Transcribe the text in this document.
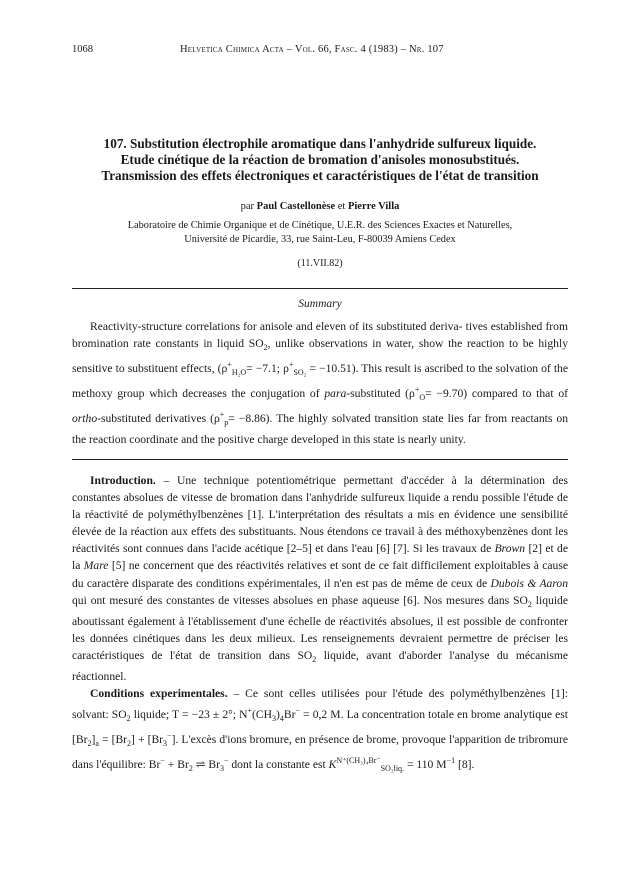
1068	Helvetica Chimica Acta – Vol. 66, Fasc. 4 (1983) – Nr. 107
107. Substitution électrophile aromatique dans l'anhydride sulfureux liquide.
Etude cinétique de la réaction de bromation d'anisoles monosubstitués.
Transmission des effets électroniques et caractéristiques de l'état de transition
par Paul Castellonèse et Pierre Villa
Laboratoire de Chimie Organique et de Cinétique, U.E.R. des Sciences Exactes et Naturelles,
Université de Picardie, 33, rue Saint-Leu, F-80039 Amiens Cedex
(11.VII.82)
Summary

Reactivity-structure correlations for anisole and eleven of its substituted deriva- tives established from bromination rate constants in liquid $SO_2$, unlike observations in water, show the reaction to be highly sensitive to substituent effects, ($\rho^+_{H_2O}= -7.1$; $\rho^+_{SO_2} = -10.51$). This result is ascribed to the solvation of the methoxy group which decreases the conjugation of para-substituted $(\rho^+_O= -9.70)$ compared to that of ortho-substituted derivatives $(\rho^+_p= -8.86)$. The highly solvated transition state lies far from reactants on the reaction coordinate and the positive charge developed in this state is nearly unity.

Introduction. – Une technique potentiométrique permettant d'accéder à la détermination des constantes absolues de vitesse de bromation dans l'anhydride sulfureux liquide a rendu possible l'étude de la réactivité de polyméthylbenzènes [1]. L'interprétation des résultats a mis en évidence une sensibilité élevée de la réaction aux effets des substituants. Nous étendons ce travail à des méthoxybenzènes dont les réactivités sont connues dans l'acide acétique [2–5] et dans l'eau [6] [7]. Si les travaux de Brown [2] et de la Mare [5] ne concernent que des réactivités relatives et sont de ce fait difficilement exploitables à cause du caractère disparate des conditions expérimentales, il n'en est pas de même de ceux de Dubois & Aaron qui ont mesuré des constantes de vitesses absolues en phase aqueuse [6]. Nos mesures dans $SO_2$ liquide aboutissant également à l'établissement d'une échelle de réactivités absolues, il est possible de confronter les données cinétiques dans les deux milieux. Les renseignements devraient permettre de préciser les caractéristiques de l'état de transition dans $SO_2$ liquide, avant d'aborder l'analyse du mécanisme réactionnel.

Conditions experimentales. – Ce sont celles utilisées pour l'étude des polyméthylbenzènes [1]: solvant: $SO_2$ liquide; T = −23 ± 2°; $N^+(CH_3)_4Br^- = 0,2$ M. La concentration totale en brome analytique est $[Br_2]_a = [Br_2] + [Br_3^-]$. L'excès d'ions bromure, en présence de brome, provoque l'apparition de tribromure dans l'équilibre: $Br^- + Br_2$ ⇌ $Br_3^-$ dont la constante est $K^{N^+(CH_3)_4Br^-}_{SO_2liq.} = 110$ $M^{-1}$ [8].
